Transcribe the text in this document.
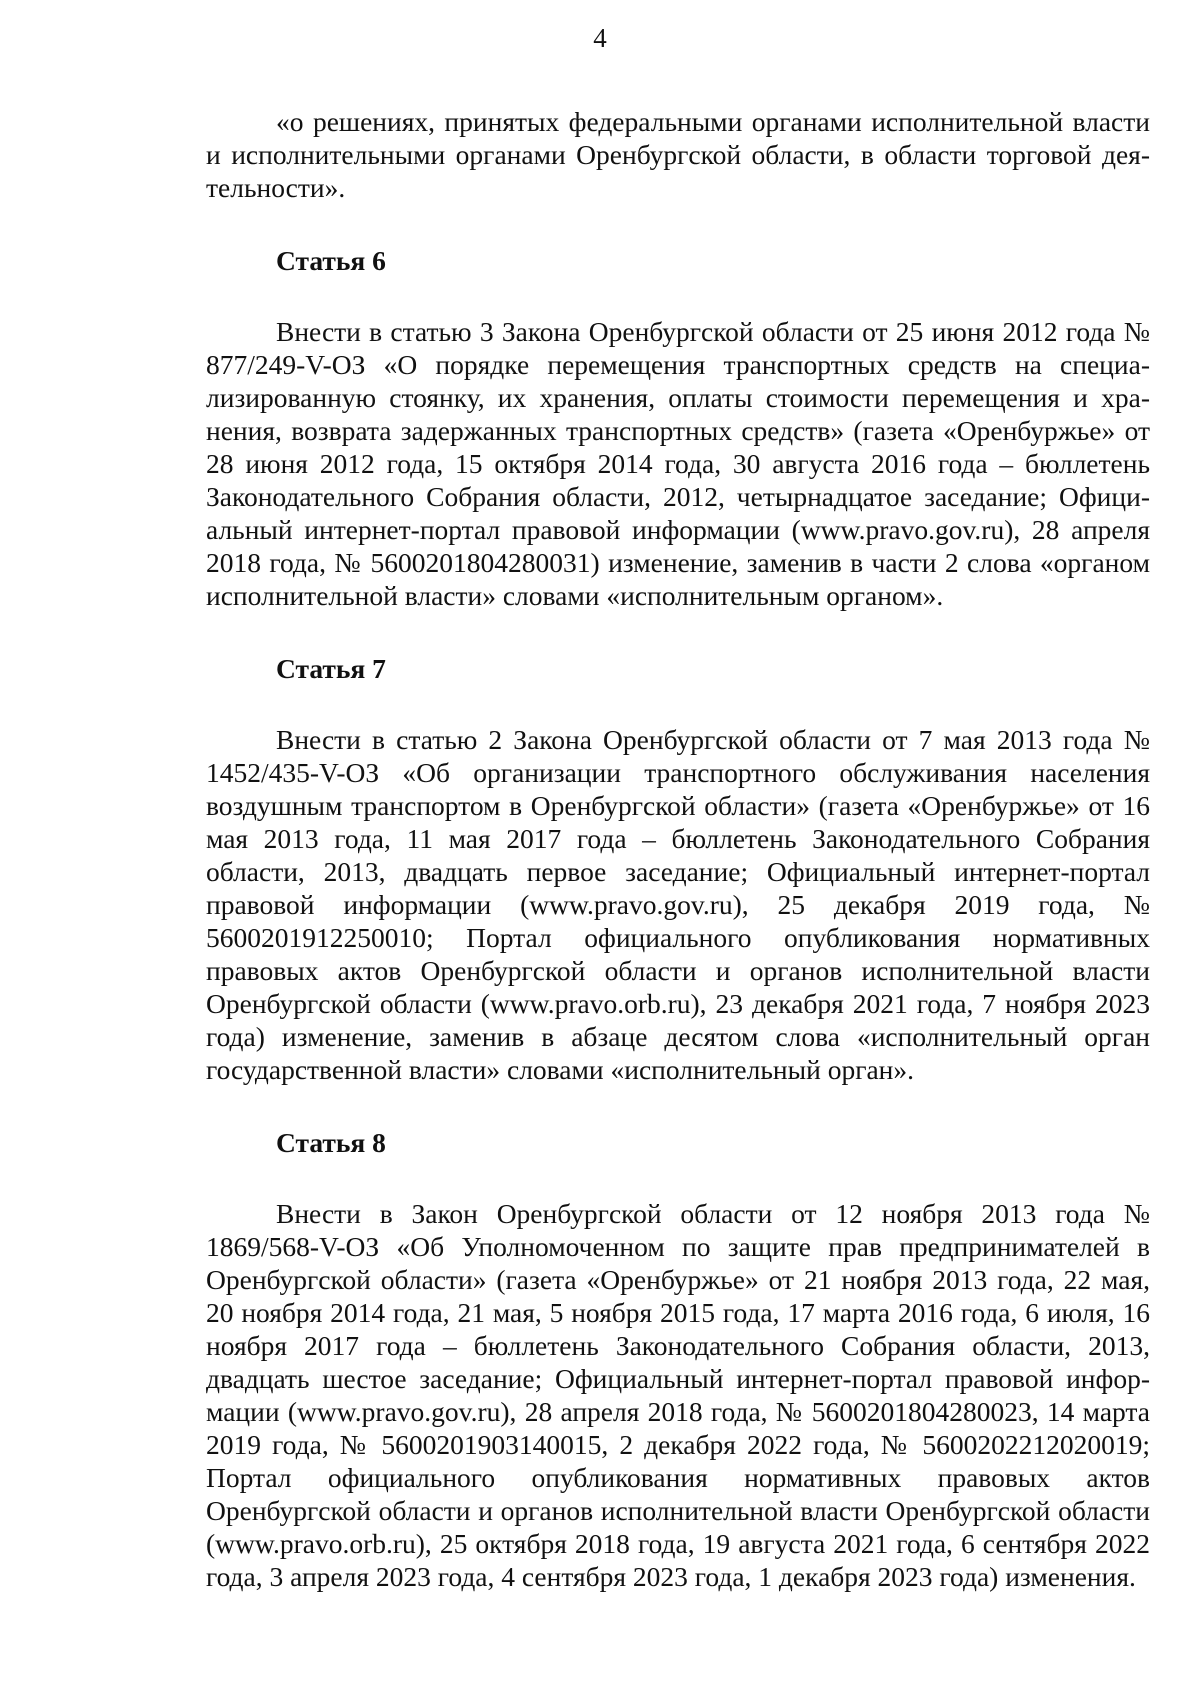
4

«о решениях, принятых федеральными органами исполнительной власти и исполнительными органами Оренбургской области, в области торговой деятельности».

Статья 6

Внести в статью 3 Закона Оренбургской области от 25 июня 2012 года № 877/249-V-ОЗ «О порядке перемещения транспортных средств на специализированную стоянку, их хранения, оплаты стоимости перемещения и хранения, возврата задержанных транспортных средств» (газета «Оренбуржье» от 28 июня 2012 года, 15 октября 2014 года, 30 августа 2016 года – бюллетень Законодательного Собрания области, 2012, четырнадцатое заседание; Официальный интернет-портал правовой информации (www.pravo.gov.ru), 28 апреля 2018 года, № 5600201804280031) изменение, заменив в части 2 слова «органом исполнительной власти» словами «исполнительным органом».

Статья 7

Внести в статью 2 Закона Оренбургской области от 7 мая 2013 года № 1452/435-V-ОЗ «Об организации транспортного обслуживания населения воздушным транспортом в Оренбургской области» (газета «Оренбуржье» от 16 мая 2013 года, 11 мая 2017 года – бюллетень Законодательного Собрания области, 2013, двадцать первое заседание; Официальный интернет-портал правовой информации (www.pravo.gov.ru), 25 декабря 2019 года, № 5600201912250010; Портал официального опубликования нормативных правовых актов Оренбургской области и органов исполнительной власти Оренбургской области (www.pravo.orb.ru), 23 декабря 2021 года, 7 ноября 2023 года) изменение, заменив в абзаце десятом слова «исполнительный орган государственной власти» словами «исполнительный орган».

Статья 8

Внести в Закон Оренбургской области от 12 ноября 2013 года № 1869/568-V-ОЗ «Об Уполномоченном по защите прав предпринимателей в Оренбургской области» (газета «Оренбуржье» от 21 ноября 2013 года, 22 мая, 20 ноября 2014 года, 21 мая, 5 ноября 2015 года, 17 марта 2016 года, 6 июля, 16 ноября 2017 года – бюллетень Законодательного Собрания области, 2013, двадцать шестое заседание; Официальный интернет-портал правовой информации (www.pravo.gov.ru), 28 апреля 2018 года, № 5600201804280023, 14 марта 2019 года, № 5600201903140015, 2 декабря 2022 года, № 5600202212020019; Портал официального опубликования нормативных правовых актов Оренбургской области и органов исполнительной власти Оренбургской области (www.pravo.orb.ru), 25 октября 2018 года, 19 августа 2021 года, 6 сентября 2022 года, 3 апреля 2023 года, 4 сентября 2023 года, 1 декабря 2023 года) изменения.
